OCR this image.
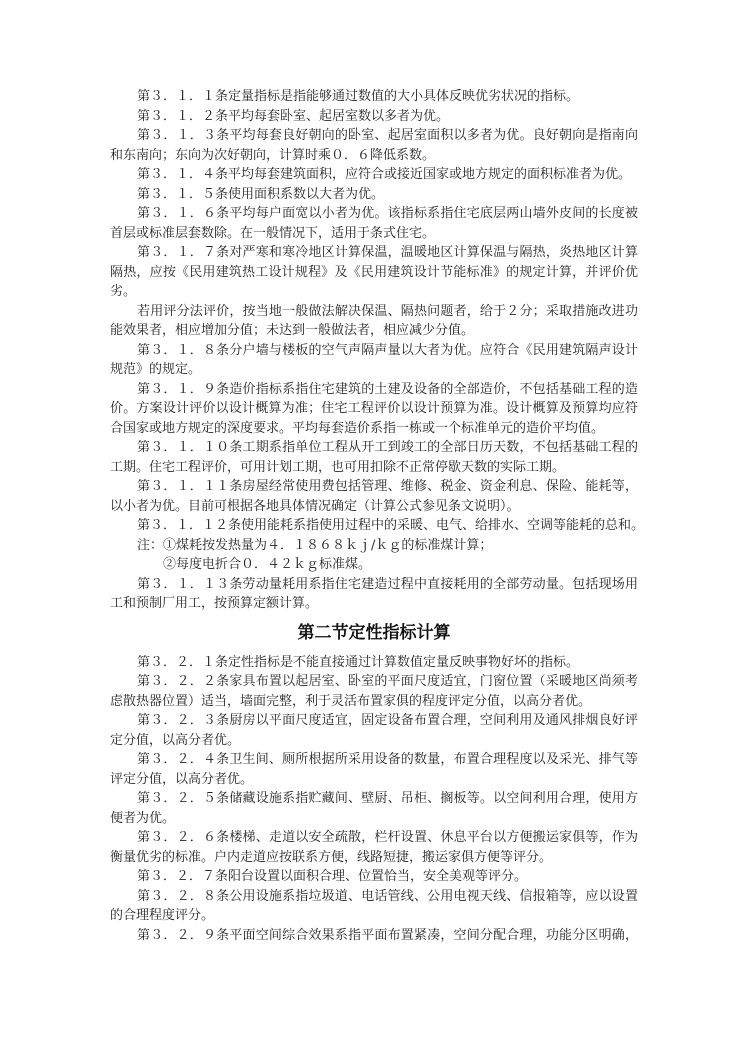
第３．１．１条定量指标是指能够通过数值的大小具体反映优劣状况的指标。
第３．１．２条平均每套卧室、起居室数以多者为优。
第３．１．３条平均每套良好朝向的卧室、起居室面积以多者为优。良好朝向是指南向
和东南向；东向为次好朝向，计算时乘０．６降低系数。
第３．１．４条平均每套建筑面积，应符合或接近国家或地方规定的面积标准者为优。
第３．１．５条使用面积系数以大者为优。
第３．１．６条平均每户面宽以小者为优。该指标系指住宅底层两山墙外皮间的长度被
首层或标准层套数除。在一般情况下，适用于条式住宅。
第３．１．７条对严寒和寒冷地区计算保温，温暖地区计算保温与隔热，炎热地区计算
隔热，应按《民用建筑热工设计规程》及《民用建筑设计节能标准》的规定计算，并评价优
劣。
若用评分法评价，按当地一般做法解决保温、隔热问题者，给于２分；采取措施改进功
能效果者，相应增加分值；未达到一般做法者，相应减少分值。
第３．１．８条分户墙与楼板的空气声隔声量以大者为优。应符合《民用建筑隔声设计
规范》的规定。
第３．１．９条造价指标系指住宅建筑的土建及设备的全部造价，不包括基础工程的造
价。方案设计评价以设计概算为准；住宅工程评价以设计预算为准。设计概算及预算均应符
合国家或地方规定的深度要求。平均每套造价系指一栋或一个标准单元的造价平均值。
第３．１．１０条工期系指单位工程从开工到竣工的全部日历天数，不包括基础工程的
工期。住宅工程评价，可用计划工期，也可用扣除不正常停歇天数的实际工期。
第３．１．１１条房屋经常使用费包括管理、维修、税金、资金利息、保险、能耗等，
以小者为优。目前可根据各地具体情况确定（计算公式参见条文说明）。
第３．１．１２条使用能耗系指使用过程中的采暖、电气、给排水、空调等能耗的总和。
注：①煤耗按发热量为４．１８６８ｋｊ/ｋｇ的标准煤计算；
②每度电折合０．４２ｋｇ标准煤。
第３．１．１３条劳动量耗用系指住宅建造过程中直接耗用的全部劳动量。包括现场用
工和预制厂用工，按预算定额计算。
第二节定性指标计算
第３．２．１条定性指标是不能直接通过计算数值定量反映事物好坏的指标。
第３．２．２条家具布置以起居室、卧室的平面尺度适宜，门窗位置（采暖地区尚须考
虑散热器位置）适当，墙面完整，利于灵活布置家俱的程度评定分值，以高分者优。
第３．２．３条厨房以平面尺度适宜，固定设备布置合理，空间利用及通风排烟良好评
定分值，以高分者优。
第３．２．４条卫生间、厕所根据所采用设备的数量，布置合理程度以及采光、排气等
评定分值，以高分者优。
第３．２．５条储藏设施系指贮藏间、壁厨、吊柜、搁板等。以空间利用合理，使用方
便者为优。
第３．２．６条楼梯、走道以安全疏散，栏杆设置、休息平台以方便搬运家俱等，作为
衡量优劣的标准。户内走道应按联系方便，线路短捷，搬运家俱方便等评分。
第３．２．７条阳台设置以面积合理、位置恰当，安全美观等评分。
第３．２．８条公用设施系指垃圾道、电话管线、公用电视天线、信报箱等，应以设置
的合理程度评分。
第３．２．９条平面空间综合效果系指平面布置紧凑，空间分配合理，功能分区明确，
